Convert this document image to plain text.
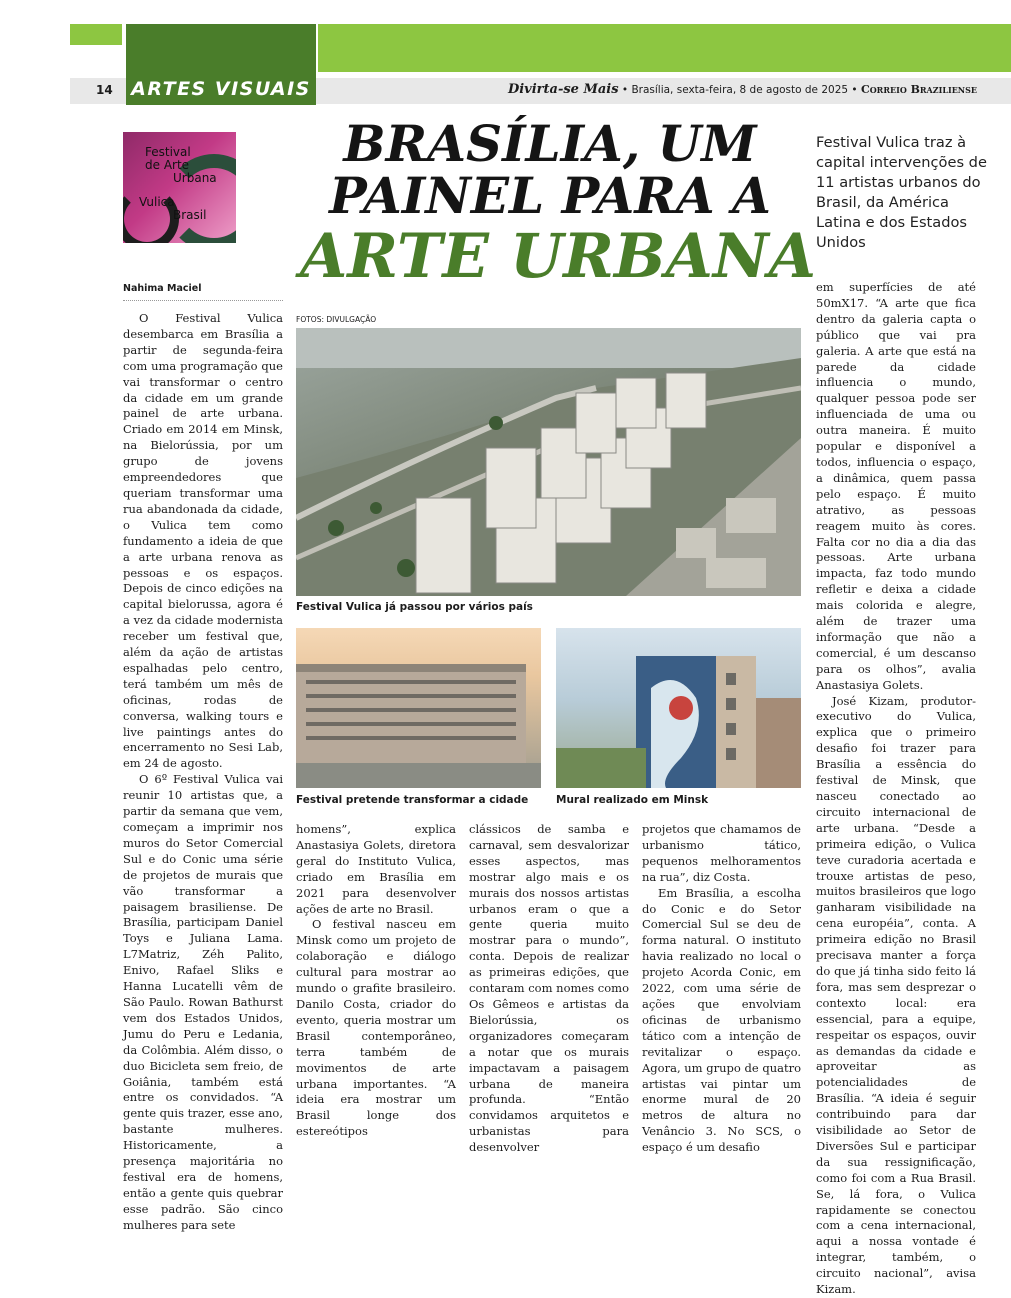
ARTES VISUAIS
14	Divirta-se Mais • Brasília, sexta-feira, 8 de agosto de 2025 • Correio Braziliense
Festival
de Arte
Urbana
Vulica
Brasil
BRASÍLIA, UM
PAINEL PARA A
ARTE URBANA
Festival Vulica traz à capital intervenções de 11 artistas urbanos do Brasil, da América Latina e dos Estados Unidos
Nahima Maciel
FOTOS: DIVULGAÇÃO
Festival Vulica já passou por vários país
Festival pretende transformar a cidade	Mural realizado em Minsk

O Festival Vulica desembarca em Brasília a partir de segunda-feira com uma programação que vai transformar o centro da cidade em um grande painel de arte urbana. Criado em 2014 em Minsk, na Bielorússia, por um grupo de jovens empreendedores que queriam transformar uma rua abandonada da cidade, o Vulica tem como fundamento a ideia de que a arte urbana renova as pessoas e os espaços. Depois de cinco edições na capital bielorussa, agora é a vez da cidade modernista receber um festival que, além da ação de artistas espalhadas pelo centro, terá também um mês de oficinas, rodas de conversa, walking tours e live paintings antes do encerramento no Sesi Lab, em 24 de agosto.

O 6º Festival Vulica vai reunir 10 artistas que, a partir da semana que vem, começam a imprimir nos muros do Setor Comercial Sul e do Conic uma série de projetos de murais que vão transformar a paisagem brasiliense. De Brasília, participam Daniel Toys e Juliana Lama. L7Matriz, Zéh Palito, Enivo, Rafael Sliks e Hanna Lucatelli vêm de São Paulo. Rowan Bathurst vem dos Estados Unidos, Jumu do Peru e Ledania, da Colômbia. Além disso, o duo Bicicleta sem freio, de Goiânia, também está entre os convidados. “A gente quis trazer, esse ano, bastante mulheres. Historicamente, a presença majoritária no festival era de homens, então a gente quis quebrar esse padrão. São cinco mulheres para sete

homens”, explica Anastasiya Golets, diretora geral do Instituto Vulica, criado em Brasília em 2021 para desenvolver ações de arte no Brasil.

O festival nasceu em Minsk como um projeto de colaboração e diálogo cultural para mostrar ao mundo o grafite brasileiro. Danilo Costa, criador do evento, queria mostrar um Brasil contemporâneo, terra também de movimentos de arte urbana importantes. “A ideia era mostrar um Brasil longe dos estereótipos

clássicos de samba e carnaval, sem desvalorizar esses aspectos, mas mostrar algo mais e os murais dos nossos artistas urbanos eram o que a gente queria muito mostrar para o mundo”, conta. Depois de realizar as primeiras edições, que contaram com nomes como Os Gêmeos e artistas da Bielorússia, os organizadores começaram a notar que os murais impactavam a paisagem urbana de maneira profunda. “Então convidamos arquitetos e urbanistas para desenvolver

projetos que chamamos de urbanismo tático, pequenos melhoramentos na rua”, diz Costa.

Em Brasília, a escolha do Conic e do Setor Comercial Sul se deu de forma natural. O instituto havia realizado no local o projeto Acorda Conic, em 2022, com uma série de ações que envolviam oficinas de urbanismo tático com a intenção de revitalizar o espaço. Agora, um grupo de quatro artistas vai pintar um enorme mural de 20 metros de altura no Venâncio 3. No SCS, o espaço é um desafio

em superfícies de até 50mX17. “A arte que fica dentro da galeria capta o público que vai pra galeria. A arte que está na parede da cidade influencia o mundo, qualquer pessoa pode ser influenciada de uma ou outra maneira. É muito popular e disponível a todos, influencia o espaço, a dinâmica, quem passa pelo espaço. É muito atrativo, as pessoas reagem muito às cores. Falta cor no dia a dia das pessoas. Arte urbana impacta, faz todo mundo refletir e deixa a cidade mais colorida e alegre, além de trazer uma informação que não a comercial, é um descanso para os olhos”, avalia Anastasiya Golets.

José Kizam, produtor-executivo do Vulica, explica que o primeiro desafio foi trazer para Brasília a essência do festival de Minsk, que nasceu conectado ao circuito internacional de arte urbana. “Desde a primeira edição, o Vulica teve curadoria acertada e trouxe artistas de peso, muitos brasileiros que logo ganharam visibilidade na cena européia”, conta. A primeira edição no Brasil precisava manter a força do que já tinha sido feito lá fora, mas sem desprezar o contexto local: era essencial, para a equipe, respeitar os espaços, ouvir as demandas da cidade e aproveitar as potencialidades de Brasília. “A ideia é seguir contribuindo para dar visibilidade ao Setor de Diversões Sul e participar da sua ressignificação, como foi com a Rua Brasil. Se, lá fora, o Vulica rapidamente se conectou com a cena internacional, aqui a nossa vontade é integrar, também, o circuito nacional”, avisa Kizam.
